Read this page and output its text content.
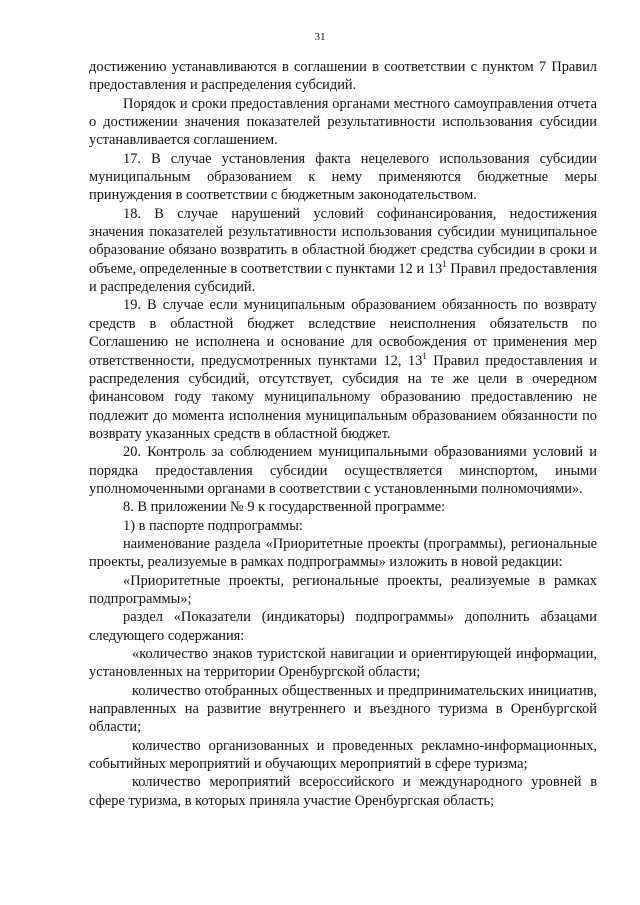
31

достижению устанавливаются в соглашении в соответствии с пунктом 7 Правил предоставления и распределения субсидий.

Порядок и сроки предоставления органами местного самоуправления отчета о достижении значения показателей результативности использования субсидии устанавливается соглашением.

17. В случае установления факта нецелевого использования субсидии муниципальным образованием к нему применяются бюджетные меры принуждения в соответствии с бюджетным законодательством.

18. В случае нарушений условий софинансирования, недостижения значения показателей результативности использования субсидии муниципальное образование обязано возвратить в областной бюджет средства субсидии в сроки и объеме, определенные в соответствии с пунктами 12 и $13^1$ Правил предоставления и распределения субсидий.

19. В случае если муниципальным образованием обязанность по возврату средств в областной бюджет вследствие неисполнения обязательств по Соглашению не исполнена и основание для освобождения от применения мер ответственности, предусмотренных пунктами 12, $13^1$ Правил предоставления и распределения субсидий, отсутствует, субсидия на те же цели в очередном финансовом году такому муниципальному образованию предоставлению не подлежит до момента исполнения муниципальным образованием обязанности по возврату указанных средств в областной бюджет.

20. Контроль за соблюдением муниципальными образованиями условий и порядка предоставления субсидии осуществляется минспортом, иными уполномоченными органами в соответствии с установленными полномочиями».

8. В приложении № 9 к государственной программе:

1) в паспорте подпрограммы:

наименование раздела «Приоритетные проекты (программы), региональные проекты, реализуемые в рамках подпрограммы» изложить в новой редакции:

«Приоритетные проекты, региональные проекты, реализуемые в рамках подпрограммы»;

раздел «Показатели (индикаторы) подпрограммы» дополнить абзацами следующего содержания:

«количество знаков туристской навигации и ориентирующей информации, установленных на территории Оренбургской области;

количество отобранных общественных и предпринимательских инициатив, направленных на развитие внутреннего и въездного туризма в Оренбургской области;

количество организованных и проведенных рекламно-информационных, событийных мероприятий и обучающих мероприятий в сфере туризма;

количество мероприятий всероссийского и международного уровней в сфере туризма, в которых приняла участие Оренбургская область;
